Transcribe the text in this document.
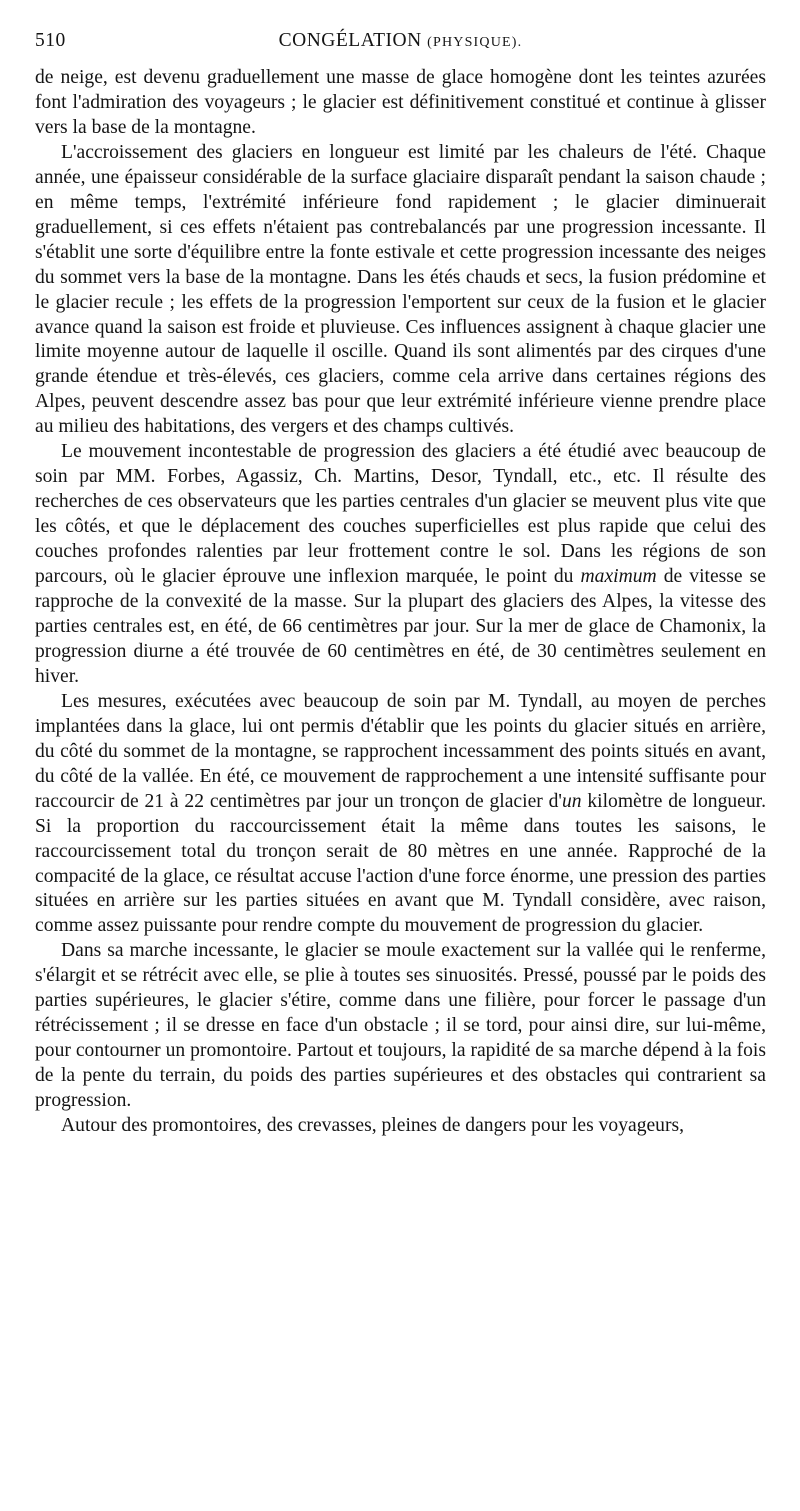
510	CONGÉLATION (PHYSIQUE).

de neige, est devenu graduellement une masse de glace homogène dont les teintes azurées font l'admiration des voyageurs ; le glacier est définitivement constitué et continue à glisser vers la base de la montagne.

L'accroissement des glaciers en longueur est limité par les chaleurs de l'été. Chaque année, une épaisseur considérable de la surface glaciaire disparaît pendant la saison chaude ; en même temps, l'extrémité inférieure fond rapidement ; le glacier diminuerait graduellement, si ces effets n'étaient pas contrebalancés par une progression incessante. Il s'établit une sorte d'équilibre entre la fonte estivale et cette progression incessante des neiges du sommet vers la base de la montagne. Dans les étés chauds et secs, la fusion prédomine et le glacier recule ; les effets de la progression l'emportent sur ceux de la fusion et le glacier avance quand la saison est froide et pluvieuse. Ces influences assignent à chaque glacier une limite moyenne autour de laquelle il oscille. Quand ils sont alimentés par des cirques d'une grande étendue et très-élevés, ces glaciers, comme cela arrive dans certaines régions des Alpes, peuvent descendre assez bas pour que leur extrémité inférieure vienne prendre place au milieu des habitations, des vergers et des champs cultivés.

Le mouvement incontestable de progression des glaciers a été étudié avec beaucoup de soin par MM. Forbes, Agassiz, Ch. Martins, Desor, Tyndall, etc., etc. Il résulte des recherches de ces observateurs que les parties centrales d'un glacier se meuvent plus vite que les côtés, et que le déplacement des couches superficielles est plus rapide que celui des couches profondes ralenties par leur frottement contre le sol. Dans les régions de son parcours, où le glacier éprouve une inflexion marquée, le point du maximum de vitesse se rapproche de la convexité de la masse. Sur la plupart des glaciers des Alpes, la vitesse des parties centrales est, en été, de 66 centimètres par jour. Sur la mer de glace de Chamonix, la progression diurne a été trouvée de 60 centimètres en été, de 30 centimètres seulement en hiver.

Les mesures, exécutées avec beaucoup de soin par M. Tyndall, au moyen de perches implantées dans la glace, lui ont permis d'établir que les points du glacier situés en arrière, du côté du sommet de la montagne, se rapprochent incessamment des points situés en avant, du côté de la vallée. En été, ce mouvement de rapprochement a une intensité suffisante pour raccourcir de 21 à 22 centimètres par jour un tronçon de glacier d'un kilomètre de longueur. Si la proportion du raccourcissement était la même dans toutes les saisons, le raccourcissement total du tronçon serait de 80 mètres en une année. Rapproché de la compacité de la glace, ce résultat accuse l'action d'une force énorme, une pression des parties situées en arrière sur les parties situées en avant que M. Tyndall considère, avec raison, comme assez puissante pour rendre compte du mouvement de progression du glacier.

Dans sa marche incessante, le glacier se moule exactement sur la vallée qui le renferme, s'élargit et se rétrécit avec elle, se plie à toutes ses sinuosités. Pressé, poussé par le poids des parties supérieures, le glacier s'étire, comme dans une filière, pour forcer le passage d'un rétrécissement ; il se dresse en face d'un obstacle ; il se tord, pour ainsi dire, sur lui-même, pour contourner un promontoire. Partout et toujours, la rapidité de sa marche dépend à la fois de la pente du terrain, du poids des parties supérieures et des obstacles qui contrarient sa progression.

Autour des promontoires, des crevasses, pleines de dangers pour les voyageurs,
